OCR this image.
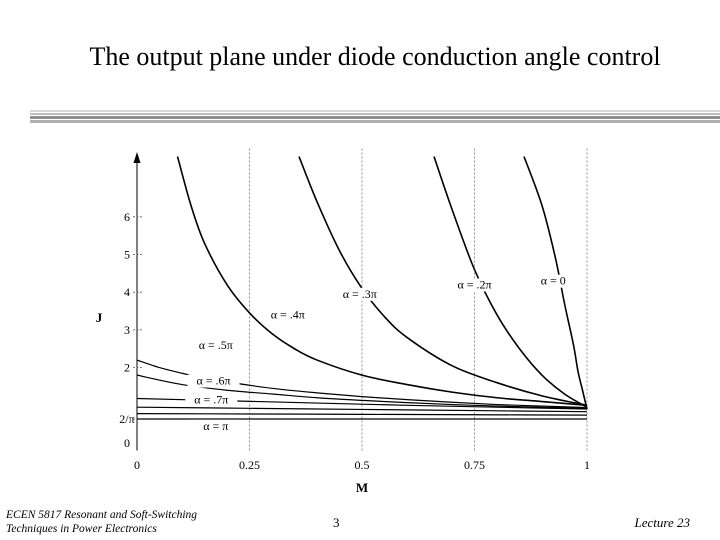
The output plane under diode conduction angle control
0
2/π
2
3
4
5
6
0	0.25	0.5	0.75	1
J
M
α = 0
α = .2π
α = .3π
α = .4π
α = .5π
α = .6π
α = .7π
α = π
ECEN 5817 Resonant and Soft-Switching
Techniques in Power Electronics	3	Lecture 23
